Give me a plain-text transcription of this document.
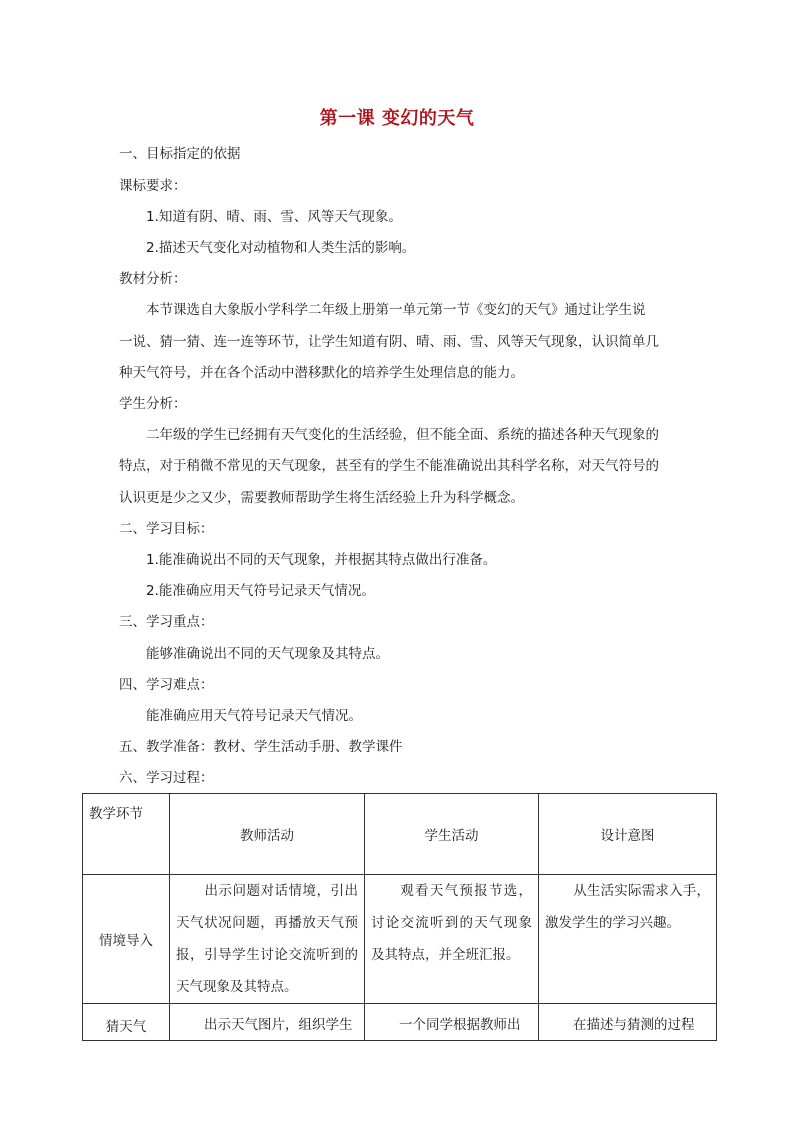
第一课 变幻的天气
一、目标指定的依据
课标要求：
1.知道有阴、晴、雨、雪、风等天气现象。
2.描述天气变化对动植物和人类生活的影响。
教材分析：
本节课选自大象版小学科学二年级上册第一单元第一节《变幻的天气》通过让学生说
一说、猜一猜、连一连等环节，让学生知道有阴、晴、雨、雪、风等天气现象，认识简单几
种天气符号，并在各个活动中潜移默化的培养学生处理信息的能力。
学生分析：
二年级的学生已经拥有天气变化的生活经验，但不能全面、系统的描述各种天气现象的
特点，对于稍微不常见的天气现象，甚至有的学生不能准确说出其科学名称，对天气符号的
认识更是少之又少，需要教师帮助学生将生活经验上升为科学概念。
二、学习目标：
1.能准确说出不同的天气现象，并根据其特点做出行准备。
2.能准确应用天气符号记录天气情况。
三、学习重点：
能够准确说出不同的天气现象及其特点。
四、学习难点：
能准确应用天气符号记录天气情况。
五、教学准备：教材、学生活动手册、教学课件
六、学习过程：
教学环节	教师活动	学生活动	设计意图
情境导入	出示问题对话情境，引出天气状况问题，再播放天气预报，引导学生讨论交流听到的天气现象及其特点。	观看天气预报节选，讨论交流听到的天气现象及其特点，并全班汇报。	从生活实际需求入手，激发学生的学习兴趣。

猜天气	出示天气图片，组织学生	一个同学根据教师出	在描述与猜测的过程
